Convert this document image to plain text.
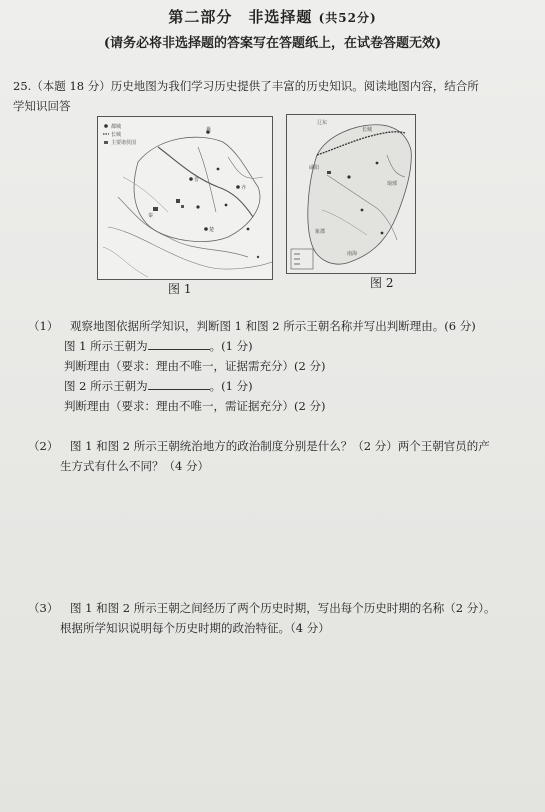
第二部分　非选择题 (共52分)
(请务必将非选择题的答案写在答题纸上，在试卷答题无效)
25.（本题 18 分）历史地图为我们学习历史提供了丰富的历史知识。阅读地图内容，结合所
学知识回答
都城
长城
主要诸侯国
燕
晋
齐
楚
秦
图 1
辽东
长城
琅邪
咸阳
南海
象郡
图 2
（1） 观察地图依据所学知识，判断图 1 和图 2 所示王朝名称并写出判断理由。(6 分)
图 1 所示王朝为	。(1 分)
判断理由（要求：理由不唯一，证据需充分）(2 分)
图 2 所示王朝为	。(1 分)
判断理由（要求：理由不唯一，需证据充分）(2 分)
（2） 图 1 和图 2 所示王朝统治地方的政治制度分别是什么？（2 分）两个王朝官员的产
生方式有什么不同？（4 分）
（3） 图 1 和图 2 所示王朝之间经历了两个历史时期，写出每个历史时期的名称（2 分）。
根据所学知识说明每个历史时期的政治特征。（4 分）
